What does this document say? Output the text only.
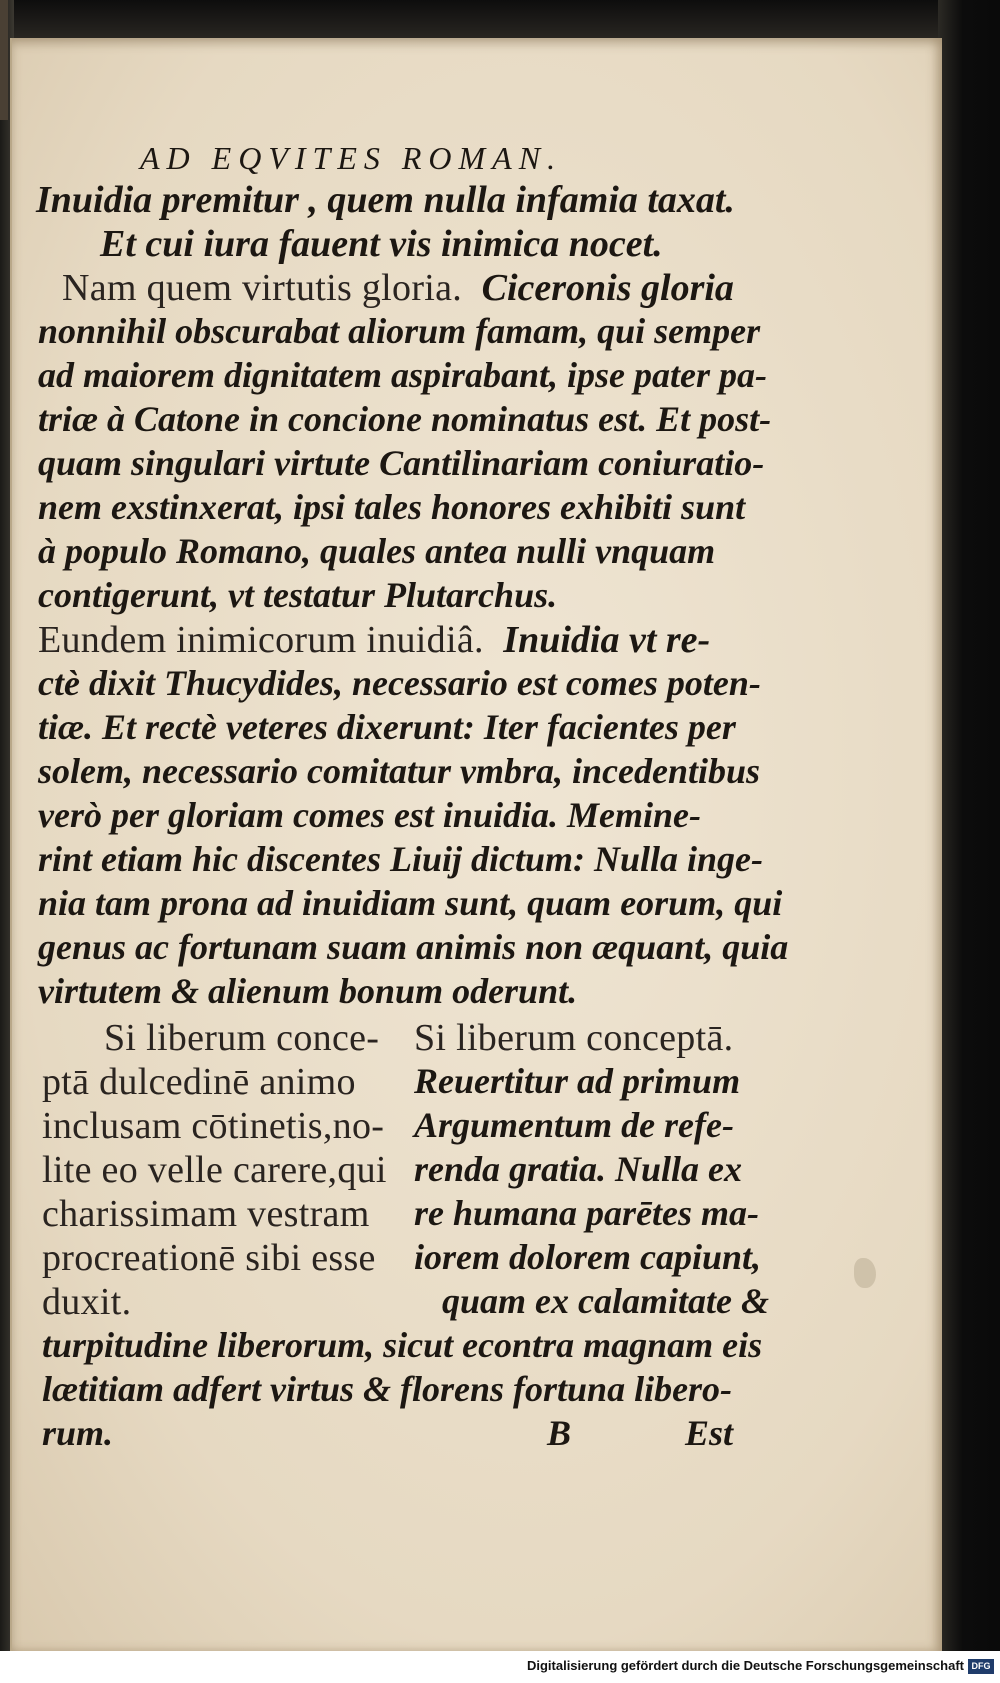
AD EQVITES ROMAN.
Inuidia premitur , quem nulla infamia taxat.
Et cui iura fauent vis inimica nocet.
Nam quem virtutis gloria. Ciceronis gloria
nonnihil obscurabat aliorum famam, qui semper
ad maiorem dignitatem aspirabant, ipse pater pa-
triæ à Catone in concione nominatus est. Et post-
quam singulari virtute Cantilinariam coniuratio-
nem exstinxerat, ipsi tales honores exhibiti sunt
à populo Romano, quales antea nulli vnquam
contigerunt, vt testatur Plutarchus.
Eundem inimicorum inuidiâ. Inuidia vt re-
ctè dixit Thucydides, necessario est comes poten-
tiæ. Et rectè veteres dixerunt: Iter facientes per
solem, necessario comitatur vmbra, incedentibus
verò per gloriam comes est inuidia. Memine-
rint etiam hic discentes Liuij dictum: Nulla inge-
nia tam prona ad inuidiam sunt, quam eorum, qui
genus ac fortunam suam animis non æquant, quia
virtutem & alienum bonum oderunt.
Si liberum conce-
ptā dulcedinē animo
inclusam cōtinetis,no-
lite eo velle carere,qui
charissimam vestram
procreationē sibi esse
duxit.
Si liberum conceptā.
Reuertitur ad primum
Argumentum de refe-
renda gratia. Nulla ex
re humana parētes ma-
iorem dolorem capiunt,
quam ex calamitate &
turpitudine liberorum, sicut econtra magnam eis
lætitiam adfert virtus & florens fortuna libero-
rum.	B	Est
Digitalisierung gefördert durch die Deutsche Forschungsgemeinschaft DFG
